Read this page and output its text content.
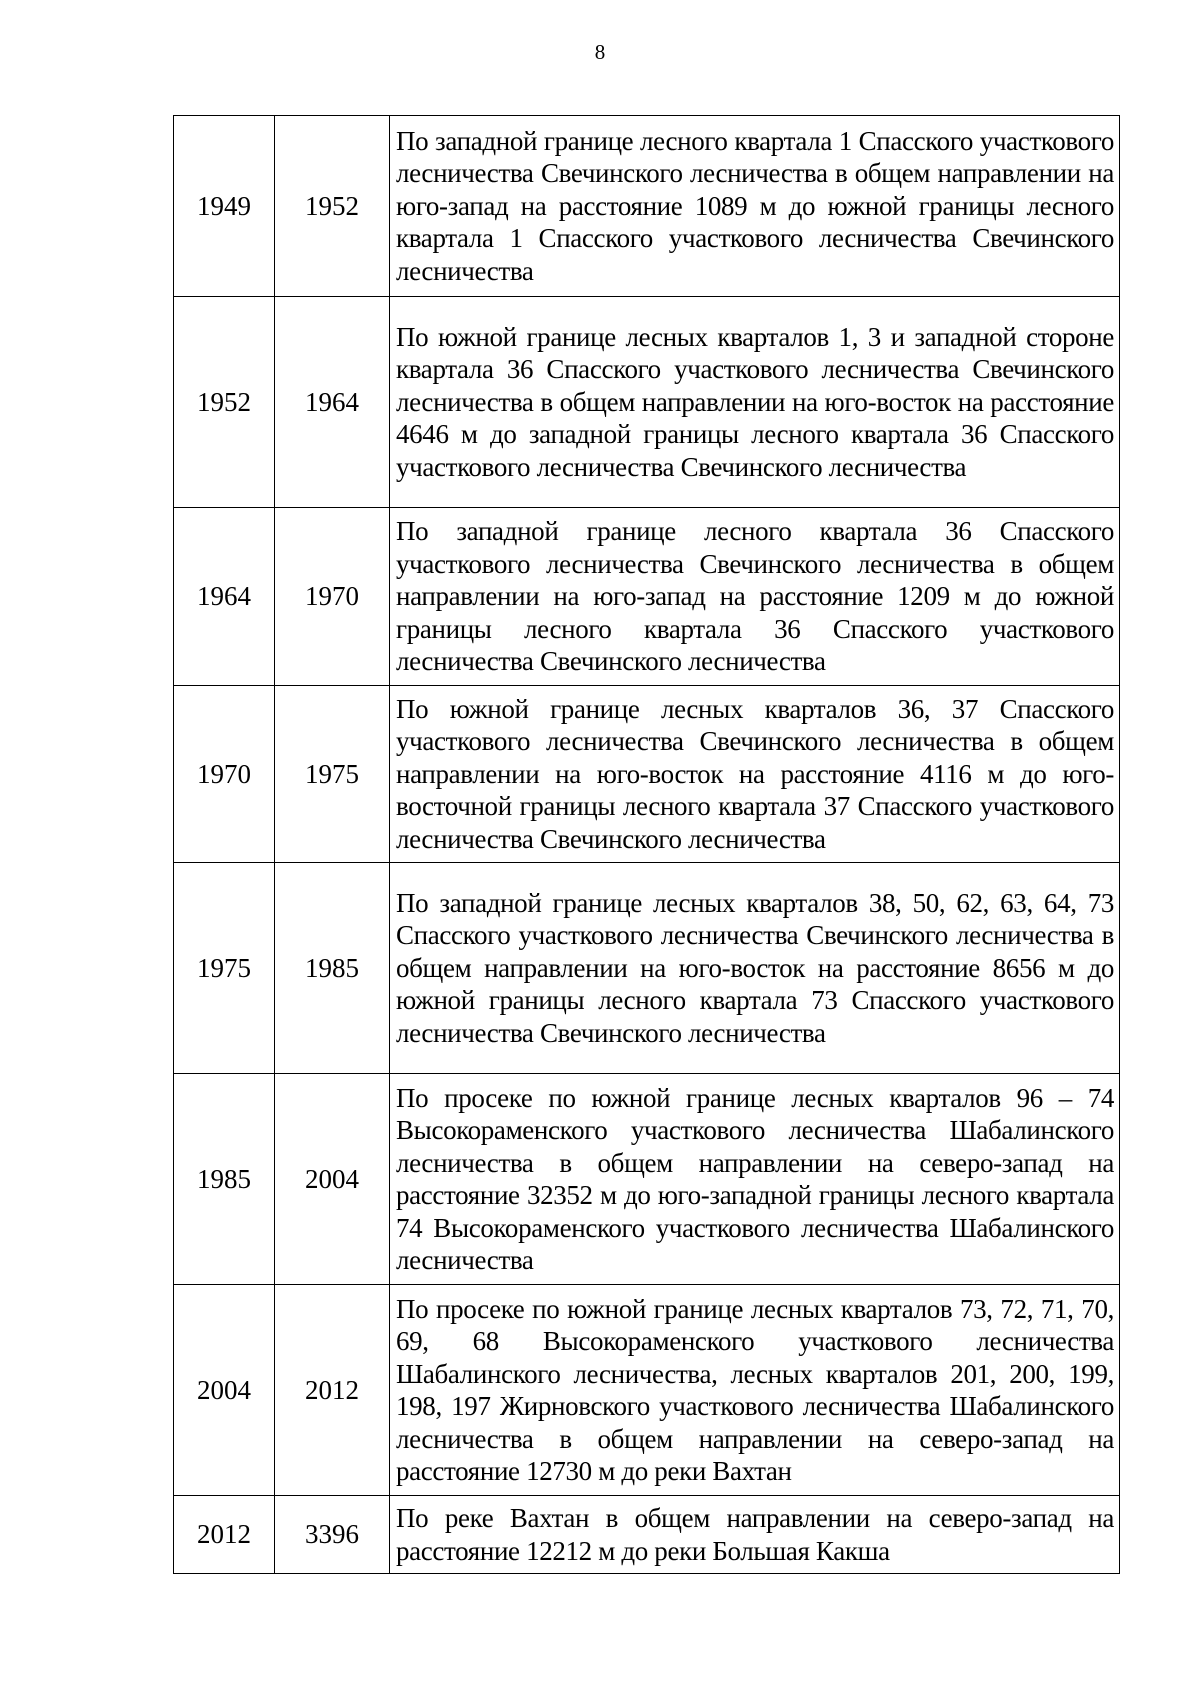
8
1949	1952	По западной границе лесного квартала 1 Спасского участкового лесничества Свечинского лесничества в общем направлении на юго-запад на расстояние 1089 м до южной границы лесного квартала 1 Спасского участкового лесничества Свечинского лесничества
1952	1964	По южной границе лесных кварталов 1, 3 и западной стороне квартала 36 Спасского участкового лесничества Свечинского лесничества в общем направлении на юго-восток на расстояние 4646 м до западной границы лесного квартала 36 Спасского участкового лесничества Свечинского лесничества
1964	1970	По западной границе лесного квартала 36 Спасского участкового лесничества Свечинского лесничества в общем направлении на юго-запад на расстояние 1209 м до южной границы лесного квартала 36 Спасского участкового лесничества Свечинского лесничества
1970	1975	По южной границе лесных кварталов 36, 37 Спасского участкового лесничества Свечинского лесничества в общем направлении на юго-восток на расстояние 4116 м до юго-восточной границы лесного квартала 37 Спасского участкового лесничества Свечинского лесничества
1975	1985	По западной границе лесных кварталов 38, 50, 62, 63, 64, 73 Спасского участкового лесничества Свечинского лесничества в общем направлении на юго-восток на расстояние 8656 м до южной границы лесного квартала 73 Спасского участкового лесничества Свечинского лесничества
1985	2004	По просеке по южной границе лесных кварталов 96 – 74 Высокораменского участкового лесничества Шабалинского лесничества в общем направлении на северо-запад на расстояние 32352 м до юго-западной границы лесного квартала 74 Высокораменского участкового лесничества Шабалинского лесничества
2004	2012	По просеке по южной границе лесных кварталов 73, 72, 71, 70, 69, 68 Высокораменского участкового лесничества Шабалинского лесничества, лесных кварталов 201, 200, 199, 198, 197 Жирновского участкового лесничества Шабалинского лесничества в общем направлении на северо-запад на расстояние 12730 м до реки Вахтан
2012	3396	По реке Вахтан в общем направлении на северо-запад на расстояние 12212 м до реки Большая Какша
